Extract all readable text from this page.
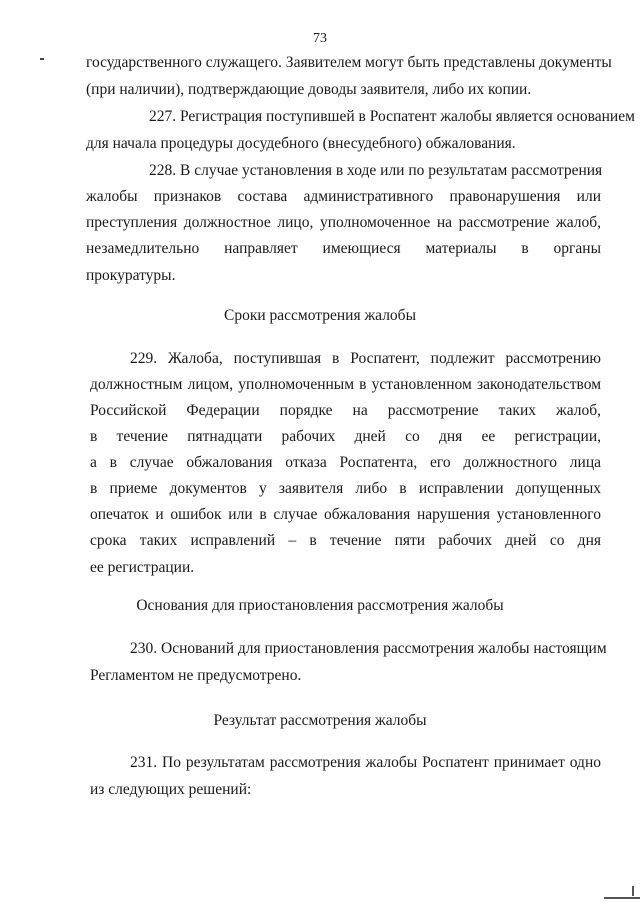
73
государственного служащего. Заявителем могут быть представлены документы
(при наличии), подтверждающие доводы заявителя, либо их копии.
227. Регистрация поступившей в Роспатент жалобы является основанием
для начала процедуры досудебного (внесудебного) обжалования.
228. В случае установления в ходе или по результатам рассмотрения
жалобы признаков состава административного правонарушения или
преступления должностное лицо, уполномоченное на рассмотрение жалоб,
незамедлительно направляет имеющиеся материалы в органы
прокуратуры.
Сроки рассмотрения жалобы
229. Жалоба, поступившая в Роспатент, подлежит рассмотрению
должностным лицом, уполномоченным в установленном законодательством
Российской Федерации порядке на рассмотрение таких жалоб,
в течение пятнадцати рабочих дней со дня ее регистрации,
а в случае обжалования отказа Роспатента, его должностного лица
в приеме документов у заявителя либо в исправлении допущенных
опечаток и ошибок или в случае обжалования нарушения установленного
срока таких исправлений – в течение пяти рабочих дней со дня
ее регистрации.
Основания для приостановления рассмотрения жалобы
230. Оснований для приостановления рассмотрения жалобы настоящим
Регламентом не предусмотрено.
Результат рассмотрения жалобы
231. По результатам рассмотрения жалобы Роспатент принимает одно
из следующих решений:
